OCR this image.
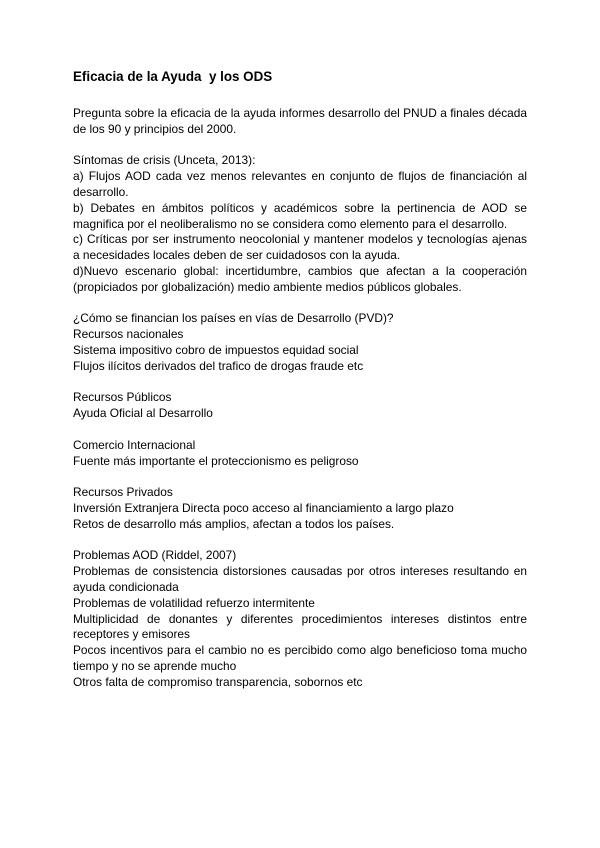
Eficacia de la Ayuda  y los ODS

Pregunta sobre la eficacia de la ayuda informes desarrollo del PNUD a finales década de los 90 y principios del 2000.

Síntomas de crisis (Unceta, 2013):

a) Flujos AOD cada vez menos relevantes en conjunto de flujos de financiación al desarrollo.

b) Debates en ámbitos políticos y académicos sobre la pertinencia de AOD se magnifica por el neoliberalismo no se considera como elemento para el desarrollo.

c) Críticas por ser instrumento neocolonial y mantener modelos y tecnologías ajenas a necesidades locales deben de ser cuidadosos con la ayuda.

d)Nuevo escenario global: incertidumbre, cambios que afectan a la cooperación (propiciados por globalización) medio ambiente medios públicos globales.

¿Cómo se financian los países en vías de Desarrollo (PVD)?
Recursos nacionales
Sistema impositivo cobro de impuestos equidad social
Flujos ilícitos derivados del trafico de drogas fraude etc
Recursos Públicos
Ayuda Oficial al Desarrollo
Comercio Internacional
Fuente más importante el proteccionismo es peligroso
Recursos Privados
Inversión Extranjera Directa poco acceso al financiamiento a largo plazo
Retos de desarrollo más amplios, afectan a todos los países.
Problemas AOD (Riddel, 2007)

Problemas de consistencia distorsiones causadas por otros intereses resultando en ayuda condicionada

Problemas de volatilidad refuerzo intermitente

Multiplicidad de donantes y diferentes procedimientos intereses distintos entre receptores y emisores

Pocos incentivos para el cambio no es percibido como algo beneficioso toma mucho tiempo y no se aprende mucho

Otros falta de compromiso transparencia, sobornos etc
